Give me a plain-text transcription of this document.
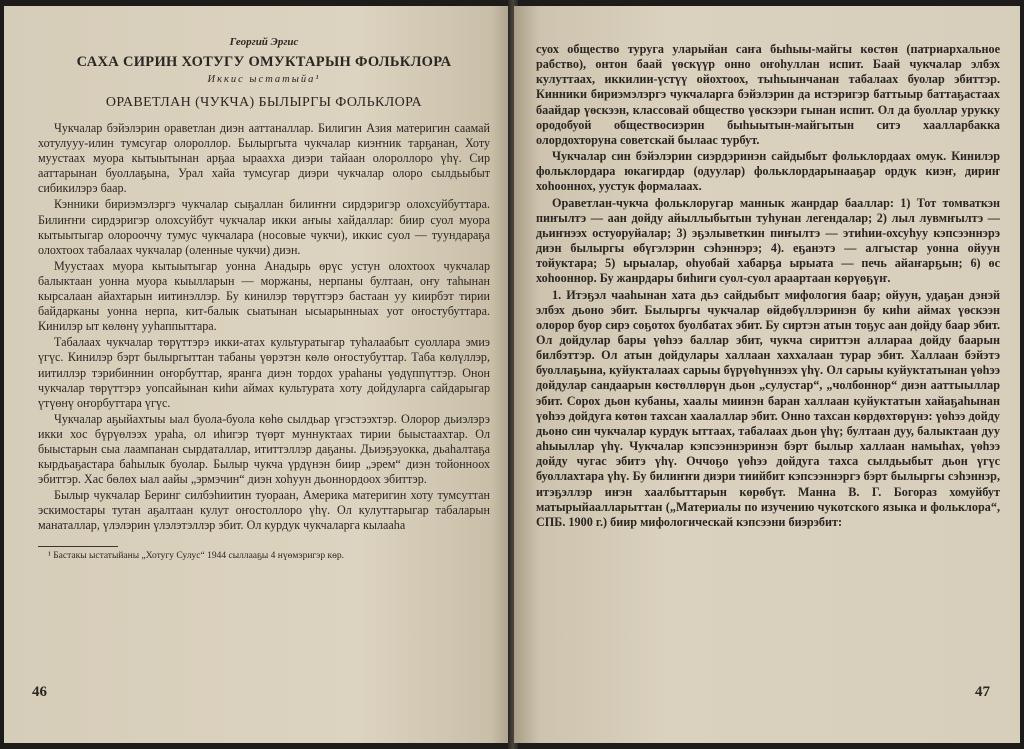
Георгий Эргис

САХА СИРИН ХОТУГУ ОМУКТАРЫН ФОЛЬКЛОРА

Иккис ыстатыйа¹

ОРАВЕТЛАН (ЧУКЧА) БЫЛЫРГЫ ФОЛЬКЛОРА

Чукчалар бэйэлэрин ораветлан диэн ааттаналлар. Билигин Азия материгин саамай хотулууу-илин тумсугар олороллор. Былыргыта чукчалар киэҥник тарҕанан, Хоту муустаах муора кытыытынан арҕаа ыраахха диэри тайаан олороллоро үһү. Сир ааттарынан буоллаҕына, Урал хайа тумсугар диэри чукчалар олоро сылдьыбыт сибикилэрэ баар.

Кэнники бириэмэлэргэ чукчалар сыҕаллан билиҥҥи сирдэригэр олохсуйбуттара. Билиҥҥи сирдэригэр олохсуйбут чукчалар икки аҥыы хайдаллар: бииp суол муора кытыытыгар олорооччу тумус чукчалара (носовые чукчи), иккис суол — туундараҕа олохтоох табалаах чукчалар (оленные чукчи) диэн.

Муустаах муора кытыытыгар уонна Анадырь өрүс устун олохтоох чукчалар балыктаан уонна муора кыылларын — моржаны, нерпаны бултаан, оҥу таһынан кырсалаан айахтарын иитинэллэр. Бу кинилэр төрүттэрэ бастаан уу киирбэт тирии байдарканы уонна нерпа, кит-балык сыатынан ысыарынныах уот оҥостубуттара. Кинилэр ыт көлөнү ууһаппыттара.

Табалаах чукчалар төрүттэрэ икки-атах культуратыгар туһалаабыт суоллара эмиэ үгүс. Кинилэр бэрт былыргыттан табаны үөрэтэн көлө оҥостубуттар. Таба көлүллэр, иитиллэр тэрибиннин оҥорбуттар, ярангa диэн тордох ураһаны үөдүппүттэр. Онон чукчалар төрүттэрэ уопсайынан киһи аймах культурата хоту дойдуларга сайдарыгар үтүөнү оҥорбуттара үгүс.

Чукчалар аҕыйахтыы ыал буола-буола көһө сылдьар үгэстээхтэр. Олорор дьиэлэрэ икки хос бүрүөлээх ураһа, ол иһигэр түөрт муннуктаах тирии быыстаахтар. Ол быыстарын сыа лаампанан сырдаталлар, ититтэллэр даҕаны. Дьиэҕэуокка, дьаһалтаҕа кырдьаҕастара баһылык буолар. Былыр чукча үрдүнэн бииp „эрем“ диэн тойонноох эбиттэр. Хас бөлөх ыал аайы „эрмэчин“ диэн хоһуун дьоннордоох эбиттэр.

Былыр чукчалар Беринг силбэһиитин туораан, Америка материгин хоту тумсуттан эскимостары тутан аҕалтаан кулут оҥостоллоро үһү. Ол кулуттарыгар табаларын манаталлар, үлэлэрин үлэлэтэллэр эбит. Ол курдук чукчаларга кылааһа

¹ Бастакы ыстатыйаны „Хотугу Сулус“ 1944 сыллааҕы 4 нүөмэригэр көр.

46

суох общество туруга уларыйан саҥа быһыы-майгы көстөн (патриархальное рабство), онтон баай үөскүүр онно оҥоһуллан испит. Баай чукчалар элбэх кулуттаах, иккилии-үстүү ойохтоох, тыһыынчанан табалаах буолар эбиттэр. Кинники бириэмэлэргэ чукчаларга бэйэлэрин да истэригэр баттыыр баттаҕастаах баайдар үөскээн, классовай общество үөскээри гынан испит. Ол да буоллар урукку ородобуой обществосиэрин быһыытын-майгытын ситэ хаалларбакка олордохторуна советскай былаас турбут.

Чукчалар син бэйэлэрин сиэрдэринэн сайдыбыт фольклордаах омук. Кинилэр фольклордара юкагирдар (одуулар) фольклордарынааҕар ордук киэҥ, дириҥ хоһооннох, уустук формалаах.

Ораветлан-чукча фольклоругар маннык жанрдар бааллар: 1) Тот томваткэн пиҥылтэ — аан дойду айыллыбытын туһунан легендалар; 2) лыл лувмҥылтэ — дьиҥнээх остуоруйалар; 3) эҕэлыветкин пиҥылтэ — этиһии-охсуһуу кэпсээннэрэ диэн былыргы өбүгэлэрин сэһэннэрэ; 4). еҕанэтэ — алгыстар уонна ойуун тойуктара; 5) ырыалар, оһуобай хабарҕа ырыата — печь айаҥарҕын; 6) өс хоһооннор. Бу жанрдары биһиги суол-суол араартаан көрүөҕүҥ.

1. Итэҕэл чааһынан хата дьэ сайдыбыт мифология баар; ойуун, удаҕан дэнэй элбэх дьоно эбит. Былыргы чукчалар өйдөбүллэринэн бу киһи аймах үөскээн олорор буор сирэ соҕотох буолбатах эбит. Бу сиртэн атын тоҕус аан дойду баар эбит. Ол дойдулар бары үөһээ баллар эбит, чукча сириттэн аллараа дойду баарын билбэттэр. Ол атын дойдулары халлаан хаххалаан турар эбит. Халлаан бэйэтэ буоллаҕына, куйукталаах сарыы бүрүөһүннээх үһү. Ол сарыы куйуктатынан үөһээ дойдулар сандаарын көстөллөрүн дьон „сулустар“, „чолбоннор“ диэн ааттыыллар эбит. Сорох дьон кубаны, хаалы миинэн баран халлаан куйуктатын хайаҕаһынан үөһээ дойдуга көтөн тахсан хаалаллар эбит. Онно тахсан көрдөхтөрүнэ: үөһээ дойду дьоно син чукчалар курдук ыттаах, табалаах дьон үһү; бултаан дуу, балыктаан дуу аһыыллар үһү. Чукчалар кэпсээннэринэн бэрт былыр халлаан намыһах, үөһээ дойду чугас эбитэ үһү. Оччоҕо үөһээ дойдуга тахса сылдьыбыт дьон үгүс буоллахтара үһү. Бу билиҥҥи диэри тиийбит кэпсээннэргэ бэрт былыргы сэһэннэр, итэҕэллэр иҥэн хаалбыттарын көрөбүт. Манна В. Г. Богораз хомуйбут матырыйаалларыттан („Материалы по изучению чукотского языка и фольклора“, СПБ. 1900 г.) бииp мифологическай кэпсээни биэрэбит:

47
